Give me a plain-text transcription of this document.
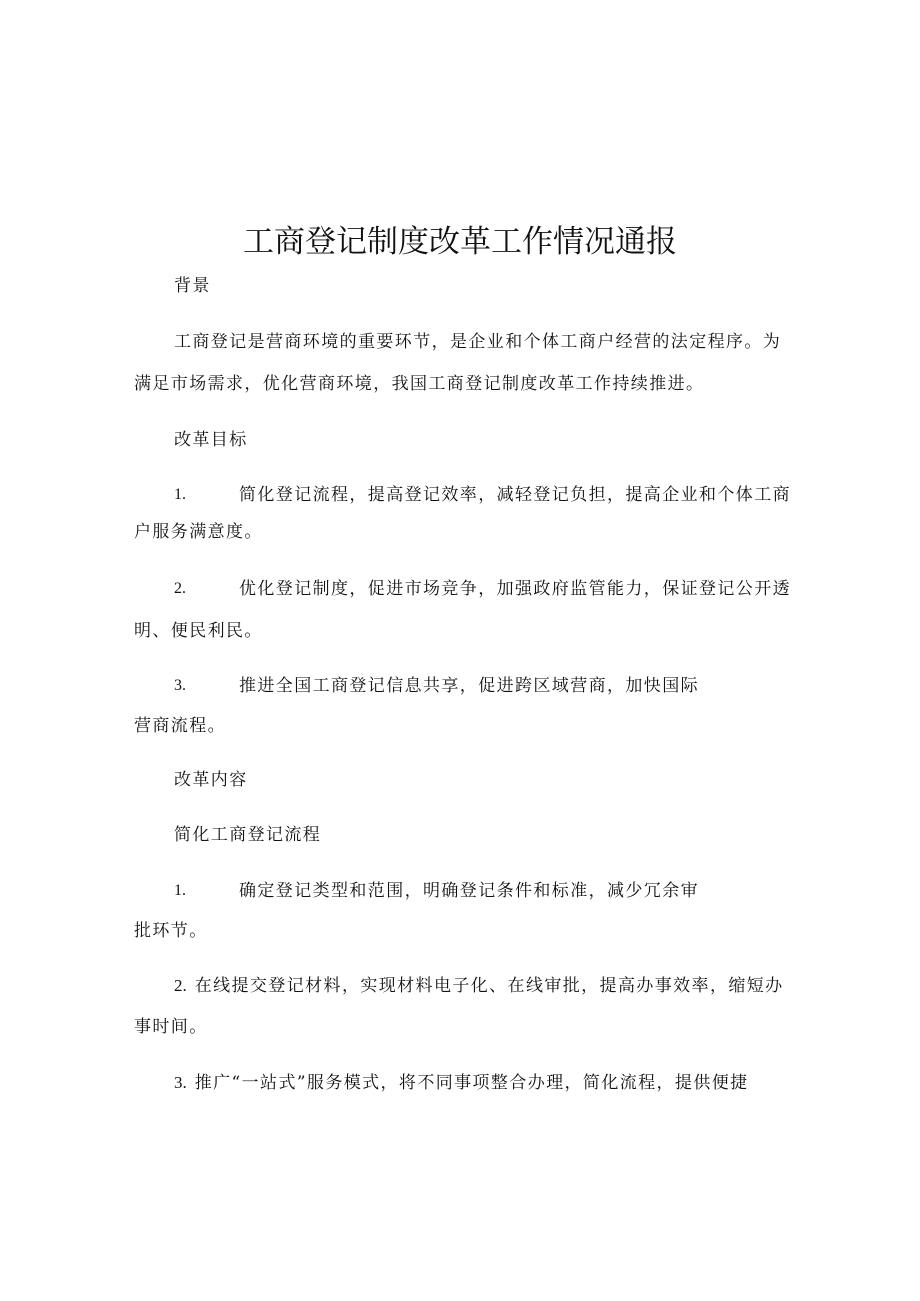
工商登记制度改革工作情况通报

背景

工商登记是营商环境的重要环节，是企业和个体工商户经营的法定程序。为

满足市场需求，优化营商环境，我国工商登记制度改革工作持续推进。

改革目标

1.	简化登记流程，提高登记效率，减轻登记负担，提高企业和个体工商

户服务满意度。

2.	优化登记制度，促进市场竞争，加强政府监管能力，保证登记公开透

明、便民利民。

3.	推进全国工商登记信息共享，促进跨区域营商，加快国际

营商流程。

改革内容

简化工商登记流程

1.	确定登记类型和范围，明确登记条件和标准，减少冗余审

批环节。

2. 在线提交登记材料，实现材料电子化、在线审批，提高办事效率，缩短办

事时间。

3. 推广“一站式”服务模式，将不同事项整合办理，简化流程，提供便捷
